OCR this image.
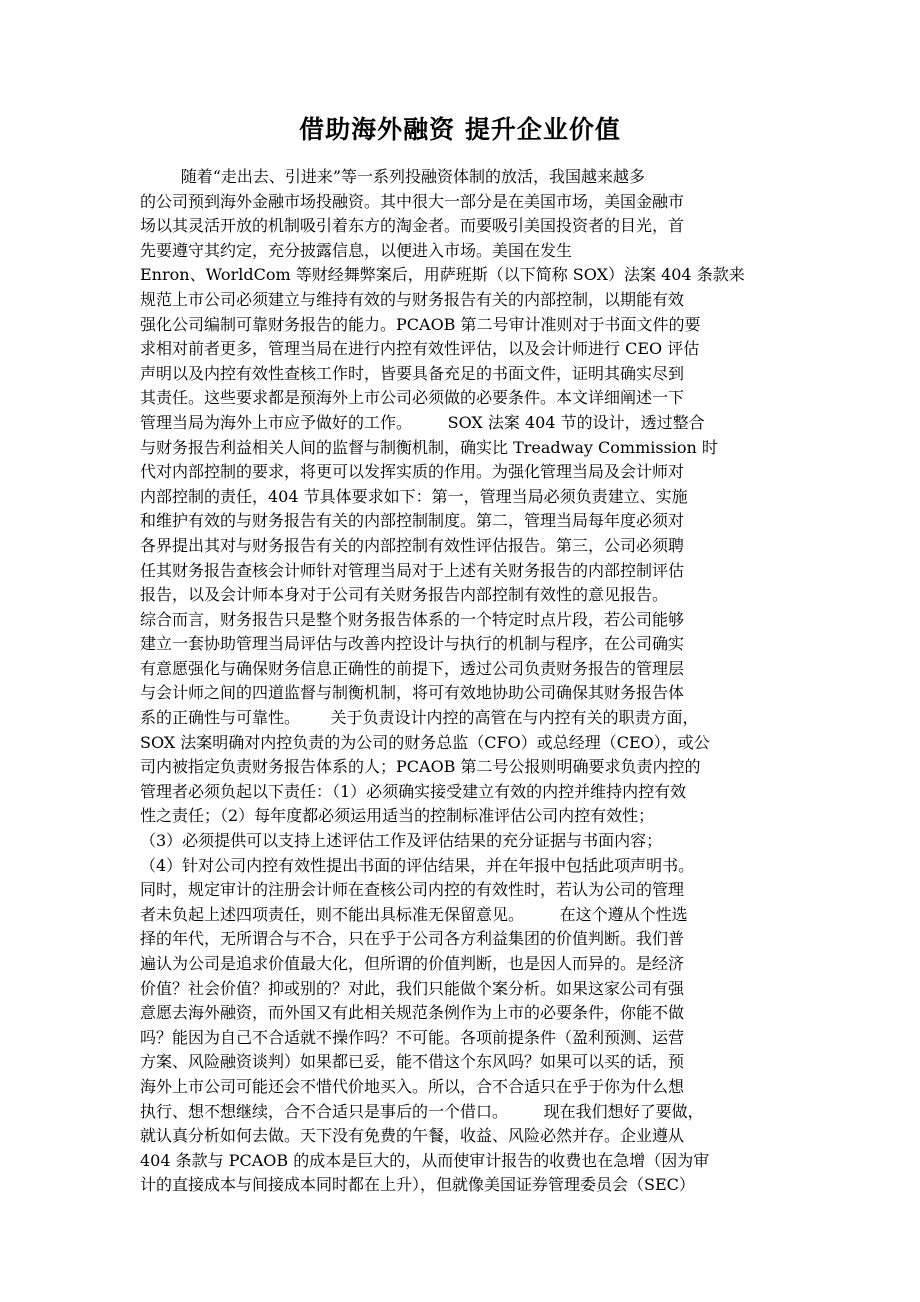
借助海外融资 提升企业价值
随着“走出去、引进来”等一系列投融资体制的放活，我国越来越多
的公司预到海外金融市场投融资。其中很大一部分是在美国市场，美国金融市
场以其灵活开放的机制吸引着东方的淘金者。而要吸引美国投资者的目光，首
先要遵守其约定，充分披露信息，以便进入市场。美国在发生
Enron、WorldCom 等财经舞弊案后，用萨班斯（以下简称 SOX）法案 404 条款来
规范上市公司必须建立与维持有效的与财务报告有关的内部控制，以期能有效
强化公司编制可靠财务报告的能力。PCAOB 第二号审计准则对于书面文件的要
求相对前者更多，管理当局在进行内控有效性评估，以及会计师进行 CEO 评估
声明以及内控有效性查核工作时，皆要具备充足的书面文件，证明其确实尽到
其责任。这些要求都是预海外上市公司必须做的必要条件。本文详细阐述一下
管理当局为海外上市应予做好的工作。       SOX 法案 404 节的设计，透过整合
与财务报告利益相关人间的监督与制衡机制，确实比 Treadway Commission 时
代对内部控制的要求，将更可以发挥实质的作用。为强化管理当局及会计师对
内部控制的责任，404 节具体要求如下：第一，管理当局必须负责建立、实施
和维护有效的与财务报告有关的内部控制制度。第二，管理当局每年度必须对
各界提出其对与财务报告有关的内部控制有效性评估报告。第三，公司必须聘
任其财务报告查核会计师针对管理当局对于上述有关财务报告的内部控制评估
报告，以及会计师本身对于公司有关财务报告内部控制有效性的意见报告。
综合而言，财务报告只是整个财务报告体系的一个特定时点片段，若公司能够
建立一套协助管理当局评估与改善内控设计与执行的机制与程序，在公司确实
有意愿强化与确保财务信息正确性的前提下，透过公司负责财务报告的管理层
与会计师之间的四道监督与制衡机制，将可有效地协助公司确保其财务报告体
系的正确性与可靠性。      关于负责设计内控的高管在与内控有关的职责方面，
SOX 法案明确对内控负责的为公司的财务总监（CFO）或总经理（CEO），或公
司内被指定负责财务报告体系的人；PCAOB 第二号公报则明确要求负责内控的
管理者必须负起以下责任：（1）必须确实接受建立有效的内控并维持内控有效
性之责任；（2）每年度都必须运用适当的控制标准评估公司内控有效性；
（3）必须提供可以支持上述评估工作及评估结果的充分证据与书面内容；
（4）针对公司内控有效性提出书面的评估结果，并在年报中包括此项声明书。
同时，规定审计的注册会计师在查核公司内控的有效性时，若认为公司的管理
者未负起上述四项责任，则不能出具标准无保留意见。       在这个遵从个性选
择的年代，无所谓合与不合，只在乎于公司各方利益集团的价值判断。我们普
遍认为公司是追求价值最大化，但所谓的价值判断，也是因人而异的。是经济
价值？社会价值？抑或别的？对此，我们只能做个案分析。如果这家公司有强
意愿去海外融资，而外国又有此相关规范条例作为上市的必要条件，你能不做
吗？能因为自己不合适就不操作吗？不可能。各项前提条件（盈利预测、运营
方案、风险融资谈判）如果都已妥，能不借这个东风吗？如果可以买的话，预
海外上市公司可能还会不惜代价地买入。所以，合不合适只在乎于你为什么想
执行、想不想继续，合不合适只是事后的一个借口。       现在我们想好了要做，
就认真分析如何去做。天下没有免费的午餐，收益、风险必然并存。企业遵从
404 条款与 PCAOB 的成本是巨大的，从而使审计报告的收费也在急增（因为审
计的直接成本与间接成本同时都在上升），但就像美国证券管理委员会（SEC）
